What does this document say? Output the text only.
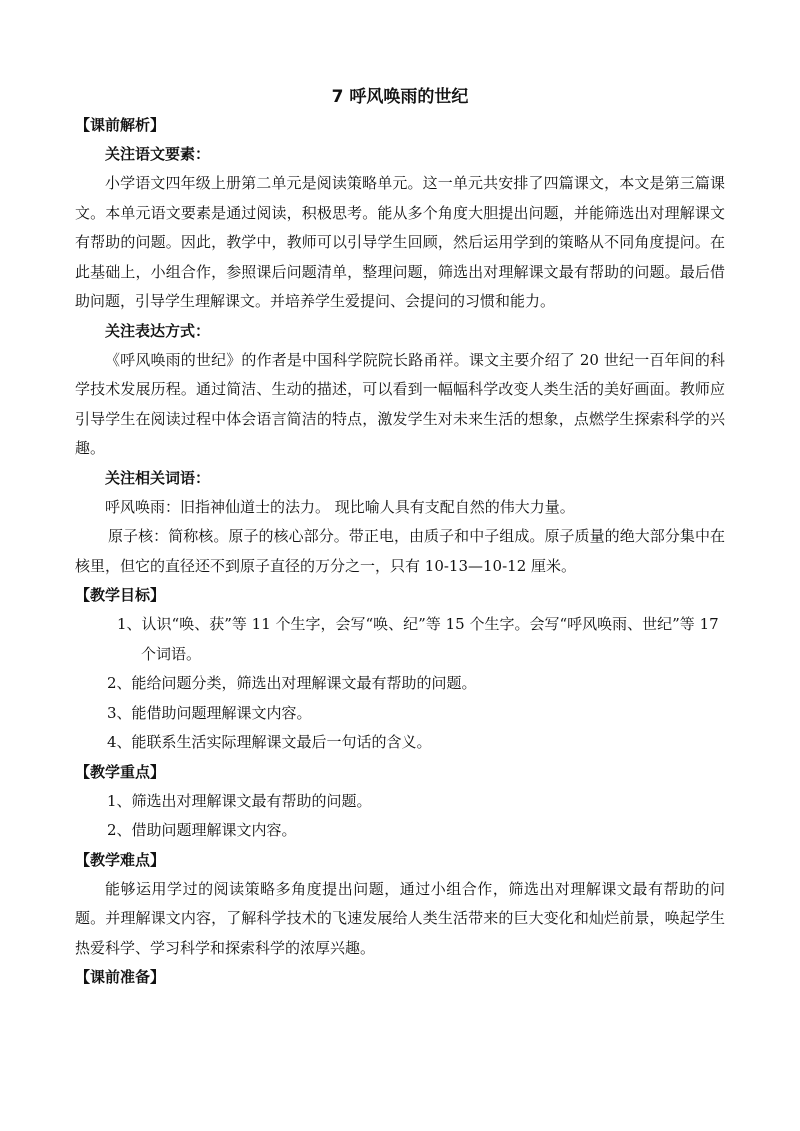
7 呼风唤雨的世纪
【课前解析】
关注语文要素：

小学语文四年级上册第二单元是阅读策略单元。这一单元共安排了四篇课文，本文是第三篇课文。本单元语文要素是通过阅读，积极思考。能从多个角度大胆提出问题，并能筛选出对理解课文有帮助的问题。因此，教学中，教师可以引导学生回顾，然后运用学到的策略从不同角度提问。在此基础上，小组合作，参照课后问题清单，整理问题，筛选出对理解课文最有帮助的问题。最后借助问题，引导学生理解课文。并培养学生爱提问、会提问的习惯和能力。

关注表达方式：

《呼风唤雨的世纪》的作者是中国科学院院长路甬祥。课文主要介绍了 20 世纪一百年间的科学技术发展历程。通过简洁、生动的描述，可以看到一幅幅科学改变人类生活的美好画面。教师应引导学生在阅读过程中体会语言简洁的特点，激发学生对未来生活的想象，点燃学生探索科学的兴趣。

关注相关词语：

呼风唤雨：旧指神仙道士的法力。 现比喻人具有支配自然的伟大力量。

原子核：简称核。原子的核心部分。带正电，由质子和中子组成。原子质量的绝大部分集中在核里，但它的直径还不到原子直径的万分之一，只有 10-13—10-12 厘米。

【教学目标】

1、认识“唤、获”等 11 个生字，会写“唤、纪”等 15 个生字。会写“呼风唤雨、世纪”等 17 个词语。

2、能给问题分类，筛选出对理解课文最有帮助的问题。

3、能借助问题理解课文内容。

4、能联系生活实际理解课文最后一句话的含义。

【教学重点】

1、筛选出对理解课文最有帮助的问题。

2、借助问题理解课文内容。

【教学难点】

能够运用学过的阅读策略多角度提出问题，通过小组合作，筛选出对理解课文最有帮助的问题。并理解课文内容，了解科学技术的飞速发展给人类生活带来的巨大变化和灿烂前景，唤起学生热爱科学、学习科学和探索科学的浓厚兴趣。

【课前准备】
